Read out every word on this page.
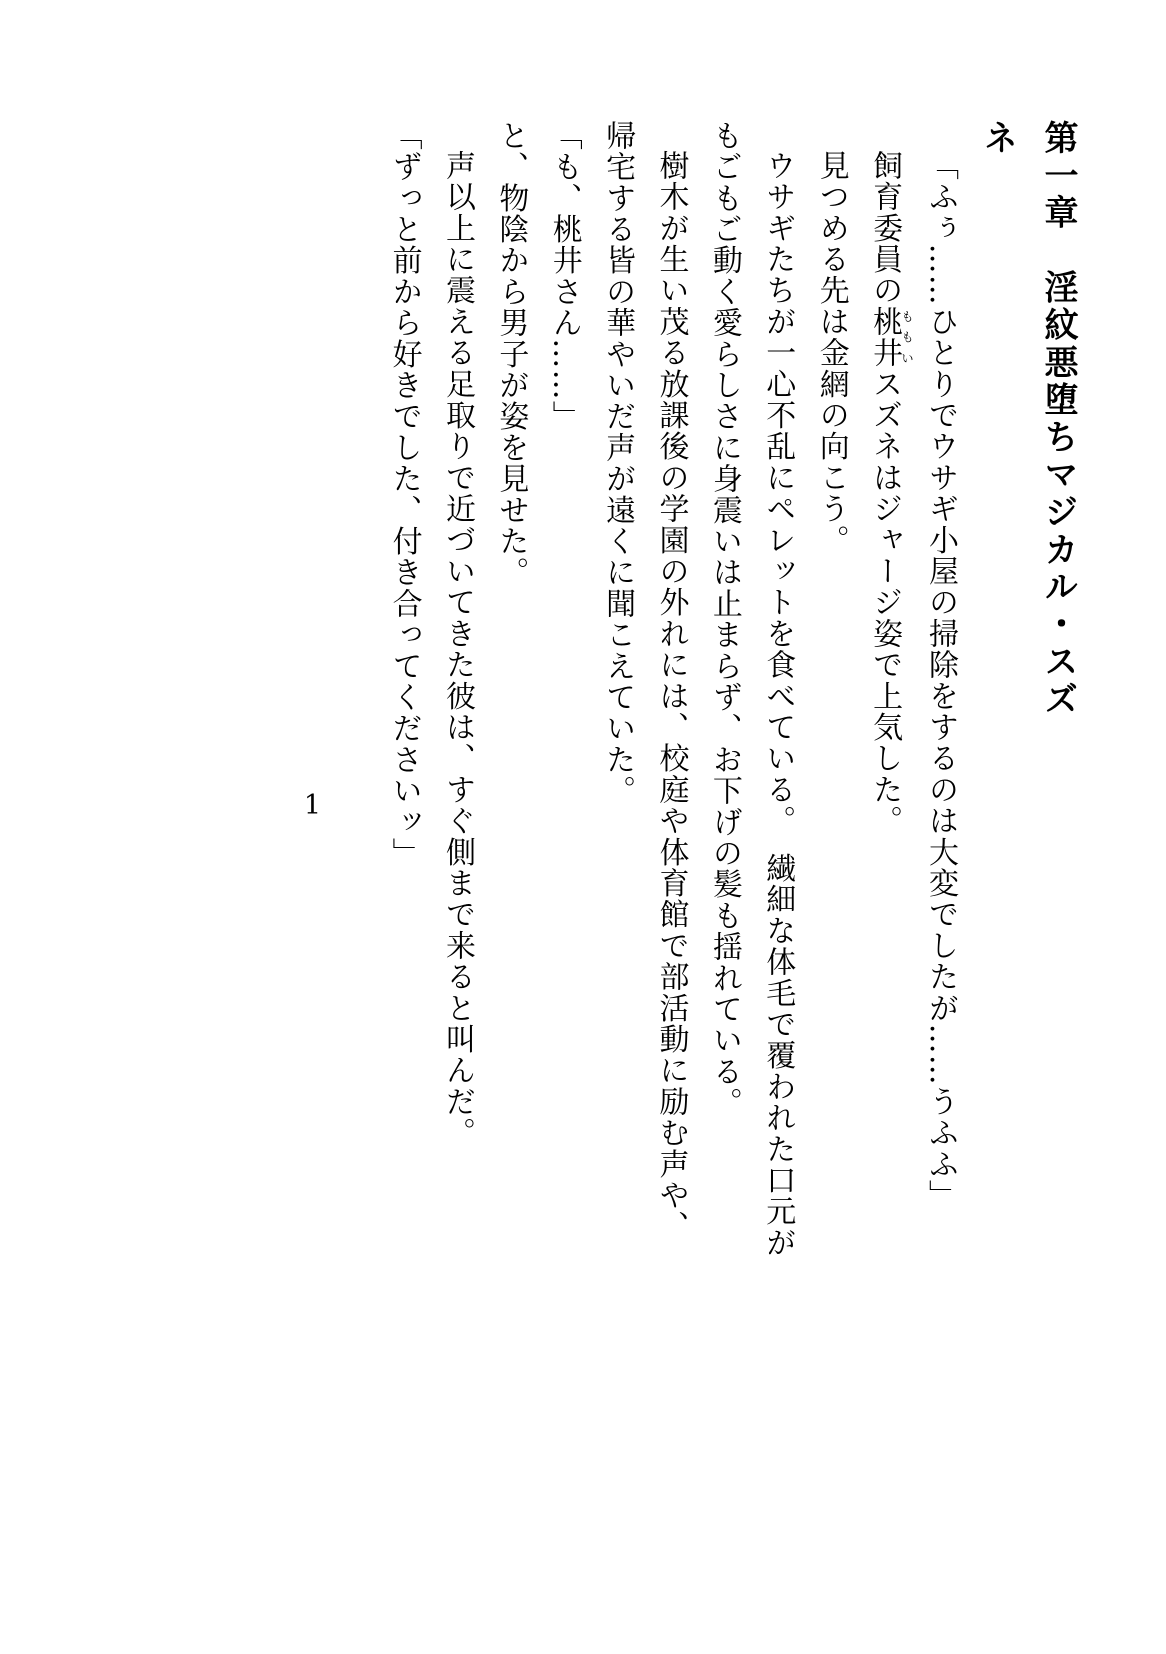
第一章　淫紋悪堕ちマジカル・スズネ

「ふぅ……ひとりでウサギ小屋の掃除をするのは大変でしたが……うふふ」

飼育委員の桃井ももいスズネはジャージ姿で上気した。

見つめる先は金網の向こう。

ウサギたちが一心不乱にペレットを食べている。　繊細な体毛で覆われた口元が

もごもご動く愛らしさに身震いは止まらず、お下げの髪も揺れている。

樹木が生い茂る放課後の学園の外れには、校庭や体育館で部活動に励む声や、

帰宅する皆の華やいだ声が遠くに聞こえていた。

「も、桃井さん……」

と、物陰から男子が姿を見せた。

声以上に震える足取りで近づいてきた彼は、すぐ側まで来ると叫んだ。

「ずっと前から好きでした、付き合ってくださいッ」

1
